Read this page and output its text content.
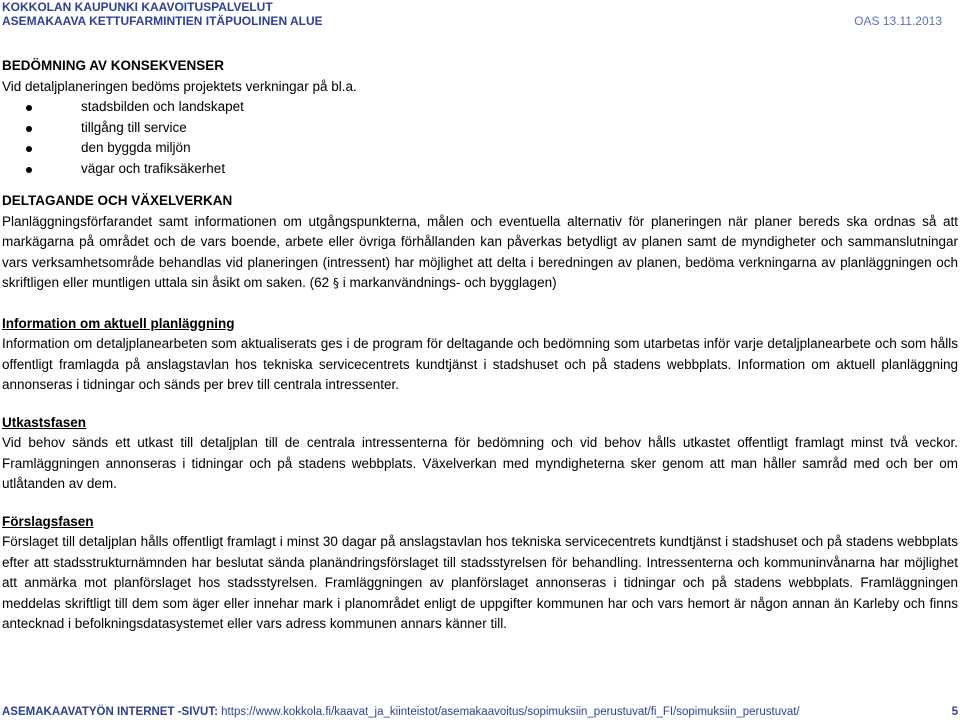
KOKKOLAN KAUPUNKI KAAVOITUSPALVELUT
ASEMAKAAVA KETTUFARMINTIEN ITÄPUOLINEN ALUE	OAS 13.11.2013
BEDÖMNING AV KONSEKVENSER
Vid detaljplaneringen bedöms projektets verkningar på bl.a.
stadsbilden och landskapet
tillgång till service
den byggda miljön
vägar och trafiksäkerhet
DELTAGANDE OCH VÄXELVERKAN
Planläggningsförfarandet samt informationen om utgångspunkterna, målen och eventuella alternativ för planeringen när planer bereds ska ordnas så att markägarna på området och de vars boende, arbete eller övriga förhållanden kan påverkas betydligt av planen samt de myndigheter och sammanslutningar vars verksamhetsområde behandlas vid planeringen (intressent) har möjlighet att delta i beredningen av planen, bedöma verkningarna av planläggningen och skriftligen eller muntligen uttala sin åsikt om saken. (62 § i markanvändnings- och bygglagen)
Information om aktuell planläggning
Information om detaljplanearbeten som aktualiserats ges i de program för deltagande och bedömning som utarbetas inför varje detaljplanearbete och som hålls offentligt framlagda på anslagstavlan hos tekniska servicecentrets kundtjänst i stadshuset och på stadens webbplats. Information om aktuell planläggning annonseras i tidningar och sänds per brev till centrala intressenter.
Utkastsfasen
Vid behov sänds ett utkast till detaljplan till de centrala intressenterna för bedömning och vid behov hålls utkastet offentligt framlagt minst två veckor. Framläggningen annonseras i tidningar och på stadens webbplats. Växelverkan med myndigheterna sker genom att man håller samråd med och ber om utlåtanden av dem.
Förslagsfasen
Förslaget till detaljplan hålls offentligt framlagt i minst 30 dagar på anslagstavlan hos tekniska servicecentrets kundtjänst i stadshuset och på stadens webbplats efter att stadsstrukturnämnden har beslutat sända planändringsförslaget till stadsstyrelsen för behandling. Intressenterna och kommuninvånarna har möjlighet att anmärka mot planförslaget hos stadsstyrelsen. Framläggningen av planförslaget annonseras i tidningar och på stadens webbplats. Framläggningen meddelas skriftligt till dem som äger eller innehar mark i planområdet enligt de uppgifter kommunen har och vars hemort är någon annan än Karleby och finns antecknad i befolkningsdatasystemet eller vars adress kommunen annars känner till.
ASEMAKAAVATYÖN INTERNET -SIVUT: https://www.kokkola.fi/kaavat_ja_kiinteistot/asemakaavoitus/sopimuksiin_perustuvat/fi_FI/sopimuksiin_perustuvat/	5
